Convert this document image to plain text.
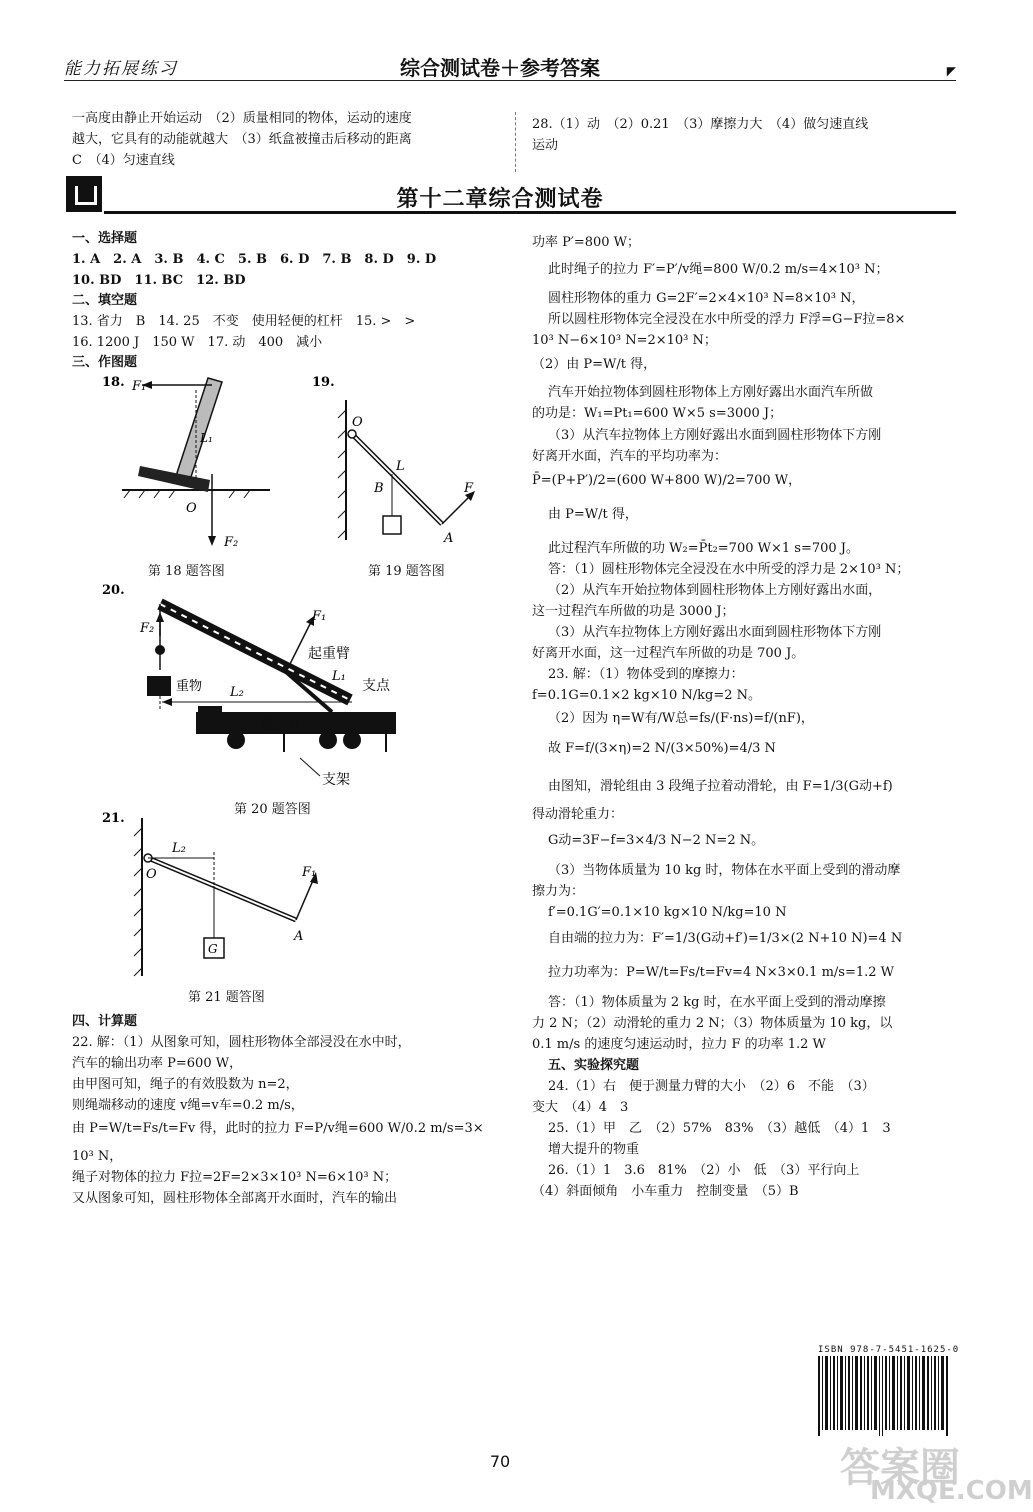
能力拓展练习	综合测试卷＋参考答案	◤
一高度由静止开始运动　（2）质量相同的物体，运动的速度
越大，它具有的动能就越大　（3）纸盒被撞击后移动的距离
C　（4）匀速直线
28.（1）动　（2）0.21　（3）摩擦力大　（4）做匀速直线
运动
第十二章综合测试卷
一、选择题
1. A　2. A　3. B　4. C　5. B　6. D　7. B　8. D　9. D
10. BD　11. BC　12. BD
二、填空题
13. 省力　B　14. 25　不变　使用轻便的杠杆　15. >　>
16. 1200 J　150 W　17. 动　400　减小
三、作图题
四、计算题
22. 解：（1）从图象可知，圆柱形物体全部浸没在水中时，
汽车的输出功率 P=600 W，
由甲图可知，绳子的有效股数为 n=2，
则绳端移动的速度 v绳=v车=0.2 m/s，
由 P=W/t=Fs/t=Fv 得，此时的拉力 F=P/v绳=600 W/0.2 m/s=3×
10³ N，
绳子对物体的拉力 F拉=2F=2×3×10³ N=6×10³ N；
又从图象可知，圆柱形物体全部离开水面时，汽车的输出
18. F₁
L₁
O
F₂
第 18 题答图
19.
O
L
B	F
A
第 19 题答图
20.
F₂
重物 L₂
F₁
起重臂
L₁
支点
液压杆
支架
第 20 题答图
21.
O
L₂
G
F₁
A
第 21 题答图
功率 P′=800 W；
此时绳子的拉力 F′=P′/v绳=800 W/0.2 m/s=4×10³ N；
圆柱形物体的重力 G=2F′=2×4×10³ N=8×10³ N，
所以圆柱形物体完全浸没在水中所受的浮力 F浮=G−F拉=8×
10³ N−6×10³ N=2×10³ N；
（2）由 P=W/t 得，
汽车开始拉物体到圆柱形物体上方刚好露出水面汽车所做
的功是：W₁=Pt₁=600 W×5 s=3000 J；
（3）从汽车拉物体上方刚好露出水面到圆柱形物体下方刚
好离开水面，汽车的平均功率为：
P̄=(P+P′)/2=(600 W+800 W)/2=700 W，
由 P=W/t 得，
此过程汽车所做的功 W₂=P̄t₂=700 W×1 s=700 J。
答：（1）圆柱形物体完全浸没在水中所受的浮力是 2×10³ N；
（2）从汽车开始拉物体到圆柱形物体上方刚好露出水面，
这一过程汽车所做的功是 3000 J；
（3）从汽车拉物体上方刚好露出水面到圆柱形物体下方刚
好离开水面，这一过程汽车所做的功是 700 J。
23. 解：（1）物体受到的摩擦力：
f=0.1G=0.1×2 kg×10 N/kg=2 N。
（2）因为 η=W有/W总=fs/(F·ns)=f/(nF)，
故 F=f/(3×η)=2 N/(3×50%)=4/3 N
由图知，滑轮组由 3 段绳子拉着动滑轮，由 F=1/3(G动+f)
得动滑轮重力：
G动=3F−f=3×4/3 N−2 N=2 N。
（3）当物体质量为 10 kg 时，物体在水平面上受到的滑动摩
擦力为：
f′=0.1G′=0.1×10 kg×10 N/kg=10 N
自由端的拉力为：F′=1/3(G动+f′)=1/3×(2 N+10 N)=4 N
拉力功率为：P=W/t=Fs/t=Fv=4 N×3×0.1 m/s=1.2 W
答：（1）物体质量为 2 kg 时，在水平面上受到的滑动摩擦
力 2 N；（2）动滑轮的重力 2 N；（3）物体质量为 10 kg，以
0.1 m/s 的速度匀速运动时，拉力 F 的功率 1.2 W
五、实验探究题
24.（1）右　便于测量力臂的大小　（2）6　不能　（3）
变大　（4）4　3
25.（1）甲　乙　（2）57%　83%　（3）越低　（4）1　3
增大提升的物重
26.（1）1　3.6　81%　（2）小　低　（3）平行向上
（4）斜面倾角　小车重力　控制变量　（5）B
ISBN 978-7-5451-1625-0
70	答案圈
MXQE.COM
